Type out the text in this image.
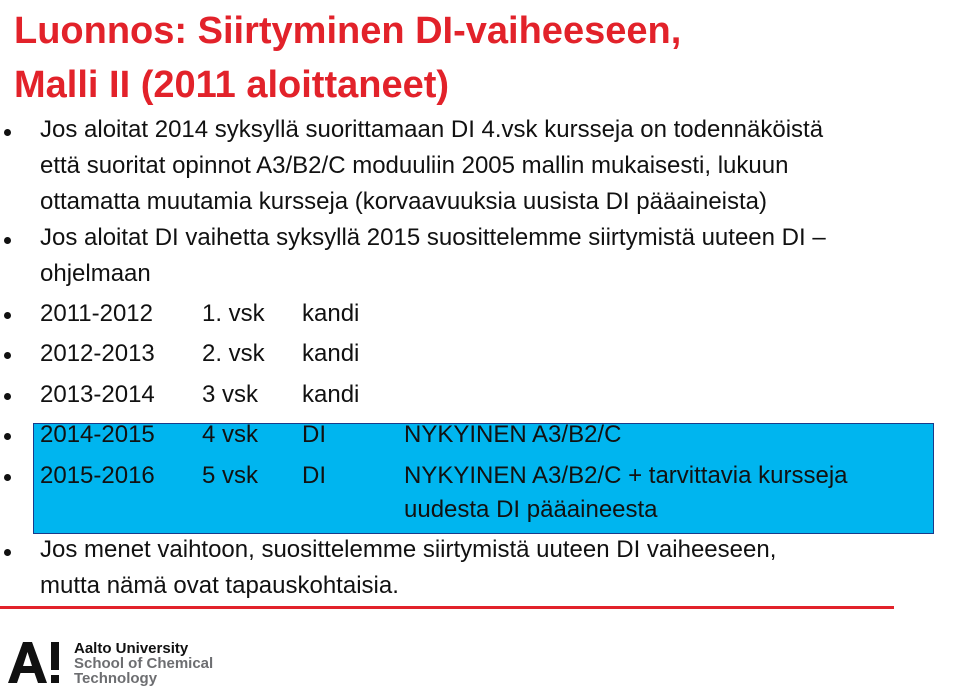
Luonnos: Siirtyminen DI-vaiheeseen,
Malli II (2011 aloittaneet)
Jos aloitat 2014 syksyllä suorittamaan DI 4.vsk kursseja on todennäköistä
että suoritat opinnot A3/B2/C moduuliin 2005 mallin mukaisesti, lukuun
ottamatta muutamia kursseja (korvaavuuksia uusista DI pääaineista)
Jos aloitat DI vaihetta syksyllä 2015 suosittelemme siirtymistä uuteen DI –
ohjelmaan
2011-2012 1. vsk kandi
2012-2013 2. vsk kandi
2013-2014 3 vsk kandi
2014-2015 4 vsk DI	NYKYINEN A3/B2/C
2015-2016 5 vsk DI	NYKYINEN A3/B2/C + tarvittavia kursseja
uudesta DI pääaineesta
Jos menet vaihtoon, suosittelemme siirtymistä uuteen DI vaiheeseen,
mutta nämä ovat tapauskohtaisia.
Aalto University
School of Chemical
Technology
